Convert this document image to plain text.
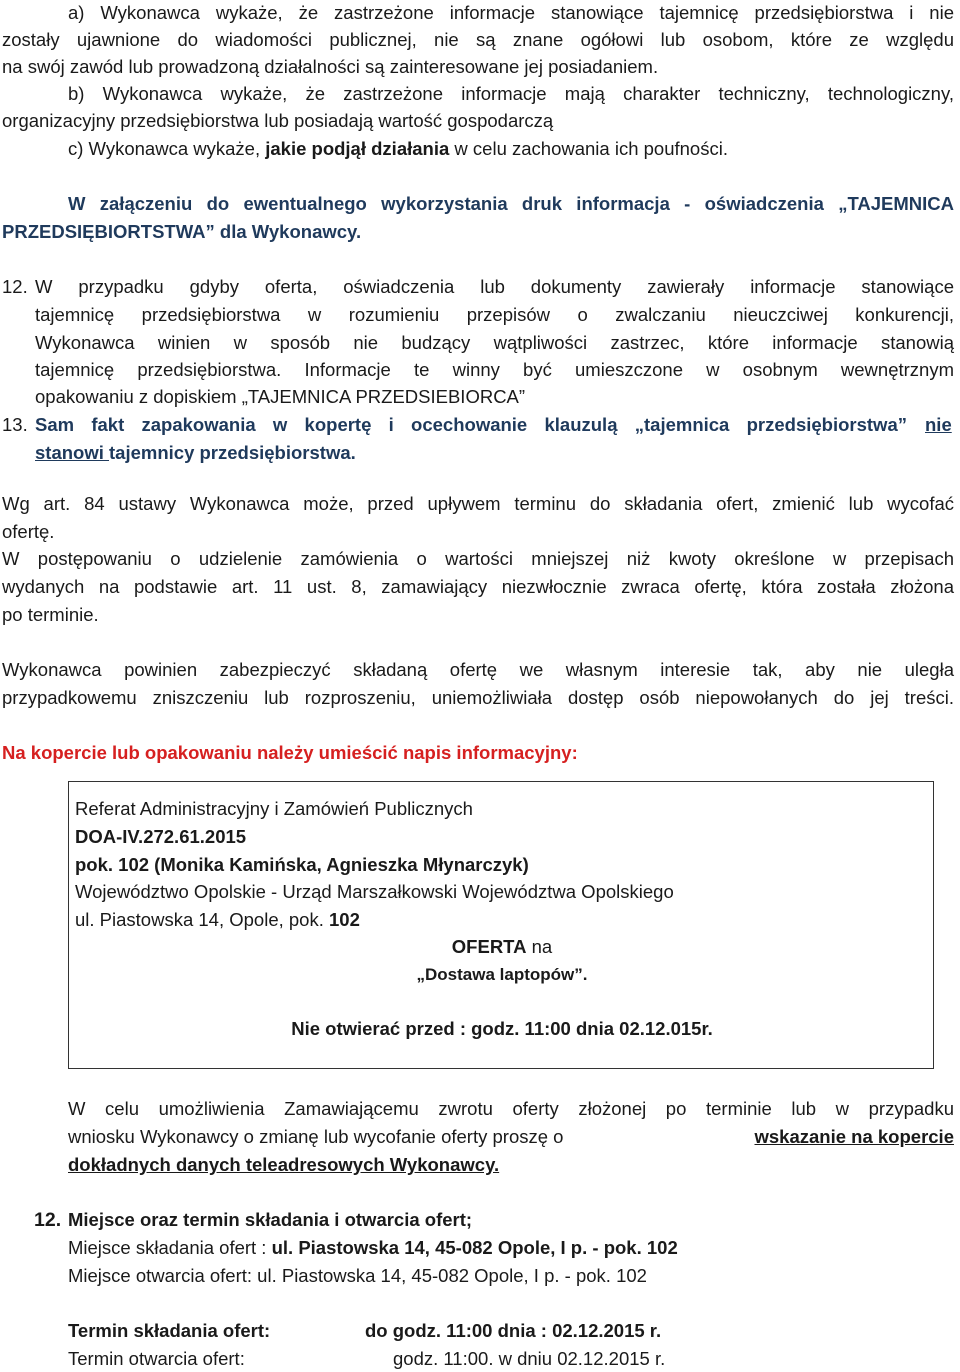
a) Wykonawca wykaże, że zastrzeżone informacje stanowiące tajemnicę przedsiębiorstwa i nie
zostały ujawnione do wiadomości publicznej, nie są znane ogółowi lub osobom, które ze względu
na swój zawód lub prowadzoną działalności są zainteresowane jej posiadaniem.
b) Wykonawca wykaże, że zastrzeżone informacje mają charakter techniczny, technologiczny,
organizacyjny przedsiębiorstwa lub posiadają wartość gospodarczą
c) Wykonawca wykaże, jakie podjął działania w celu zachowania ich poufności.
W załączeniu do ewentualnego wykorzystania druk informacja - oświadczenia „TAJEMNICA
PRZEDSIĘBIORTSTWA” dla Wykonawcy.
12. W przypadku gdyby oferta, oświadczenia lub dokumenty zawierały informacje stanowiące
tajemnicę przedsiębiorstwa w rozumieniu przepisów o zwalczaniu nieuczciwej konkurencji,
Wykonawca winien w sposób nie budzący wątpliwości zastrzec, które informacje stanowią
tajemnicę przedsiębiorstwa. Informacje te winny być umieszczone w osobnym wewnętrznym
opakowaniu z dopiskiem „TAJEMNICA PRZEDSIEBIORCA”
13. Sam fakt zapakowania w kopertę i ocechowanie klauzulą „tajemnica przedsiębiorstwa” nie
stanowi tajemnicy przedsiębiorstwa.
Wg art. 84 ustawy Wykonawca może, przed upływem terminu do składania ofert, zmienić lub wycofać
ofertę.
W postępowaniu o udzielenie zamówienia o wartości mniejszej niż kwoty określone w przepisach
wydanych na podstawie art. 11 ust. 8, zamawiający niezwłocznie zwraca ofertę, która została złożona
po terminie.
Wykonawca powinien zabezpieczyć składaną ofertę we własnym interesie tak, aby nie uległa
przypadkowemu zniszczeniu lub rozproszeniu, uniemożliwiała dostęp osób niepowołanych do jej treści.
Na kopercie lub opakowaniu należy umieścić napis informacyjny:
Referat Administracyjny i Zamówień Publicznych
DOA-IV.272.61.2015
pok. 102 (Monika Kamińska, Agnieszka Młynarczyk)
Województwo Opolskie - Urząd Marszałkowski Województwa Opolskiego
ul. Piastowska 14, Opole, pok. 102
OFERTA na
„Dostawa laptopów”.
Nie otwierać przed : godz. 11:00 dnia 02.12.015r.
W celu umożliwienia Zamawiającemu zwrotu oferty złożonej po terminie lub w przypadku
wniosku Wykonawcy o zmianę lub wycofanie oferty proszę o	wskazanie na kopercie
dokładnych danych teleadresowych Wykonawcy.
12. Miejsce oraz termin składania i otwarcia ofert;
Miejsce składania ofert : ul. Piastowska 14, 45-082 Opole, I p. - pok. 102
Miejsce otwarcia ofert: ul. Piastowska 14, 45-082 Opole, I p. - pok. 102
Termin składania ofert:	do godz. 11:00 dnia : 02.12.2015 r.
Termin otwarcia ofert:	godz. 11:00. w dniu 02.12.2015 r.
